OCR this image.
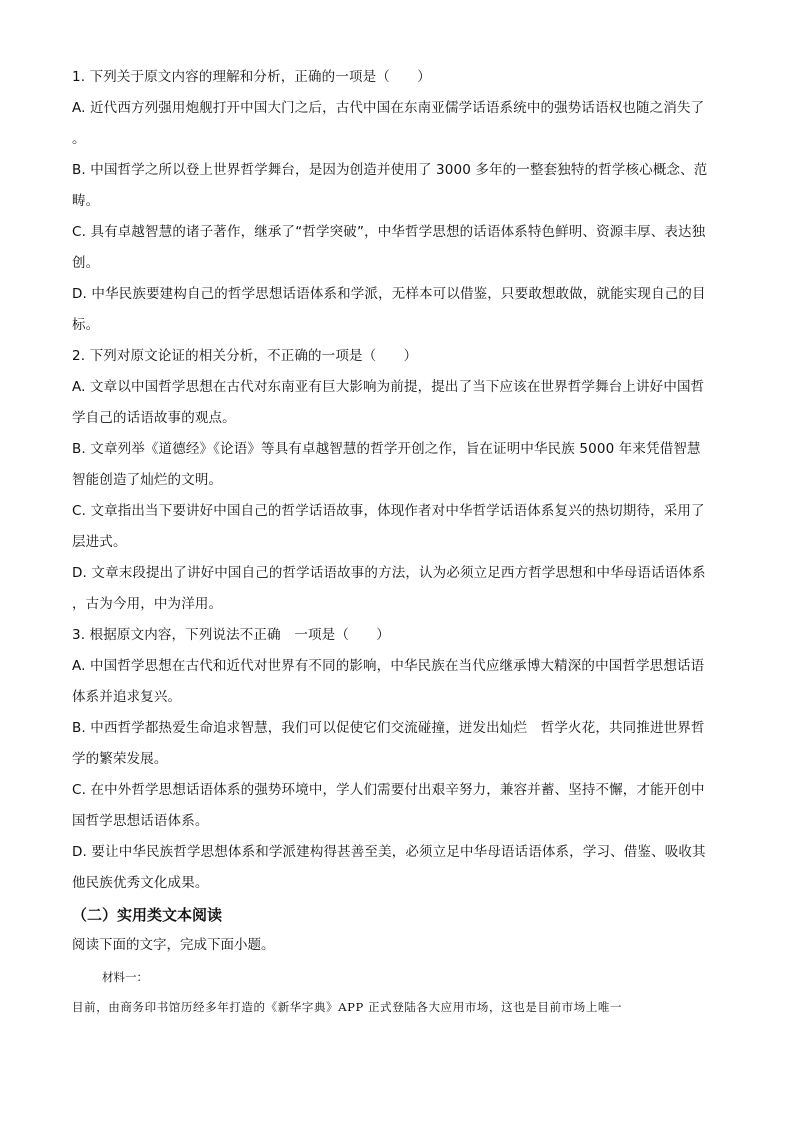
1. 下列关于原文内容的理解和分析，正确的一项是（　　）
A. 近代西方列强用炮舰打开中国大门之后，古代中国在东南亚儒学话语系统中的强势话语权也随之消失了
。
B. 中国哲学之所以登上世界哲学舞台，是因为创造并使用了 3000 多年的一整套独特的哲学核心概念、范
畴。
C. 具有卓越智慧的诸子著作，继承了“哲学突破”，中华哲学思想的话语体系特色鲜明、资源丰厚、表达独
创。
D. 中华民族要建构自己的哲学思想话语体系和学派，无样本可以借鉴，只要敢想敢做，就能实现自己的目
标。
2. 下列对原文论证的相关分析，不正确的一项是（　　）
A. 文章以中国哲学思想在古代对东南亚有巨大影响为前提，提出了当下应该在世界哲学舞台上讲好中国哲
学自己的话语故事的观点。
B. 文章列举《道德经》《论语》等具有卓越智慧的哲学开创之作，旨在证明中华民族 5000 年来凭借智慧
智能创造了灿烂的文明。
C. 文章指出当下要讲好中国自己的哲学话语故事，体现作者对中华哲学话语体系复兴的热切期待，采用了
层进式。
D. 文章末段提出了讲好中国自己的哲学话语故事的方法，认为必须立足西方哲学思想和中华母语话语体系
，古为今用，中为洋用。
3. 根据原文内容，下列说法不正确　一项是（　　）
A. 中国哲学思想在古代和近代对世界有不同的影响，中华民族在当代应继承博大精深的中国哲学思想话语
体系并追求复兴。
B. 中西哲学都热爱生命追求智慧，我们可以促使它们交流碰撞，迸发出灿烂　哲学火花，共同推进世界哲
学的繁荣发展。
C. 在中外哲学思想话语体系的强势环境中，学人们需要付出艰辛努力，兼容并蓄、坚持不懈，才能开创中
国哲学思想话语体系。
D. 要让中华民族哲学思想体系和学派建构得甚善至美，必须立足中华母语话语体系，学习、借鉴、吸收其
他民族优秀文化成果。
（二）实用类文本阅读
阅读下面的文字，完成下面小题。
材料一：
目前，由商务印书馆历经多年打造的《新华字典》APP 正式登陆各大应用市场，这也是目前市场上唯一
